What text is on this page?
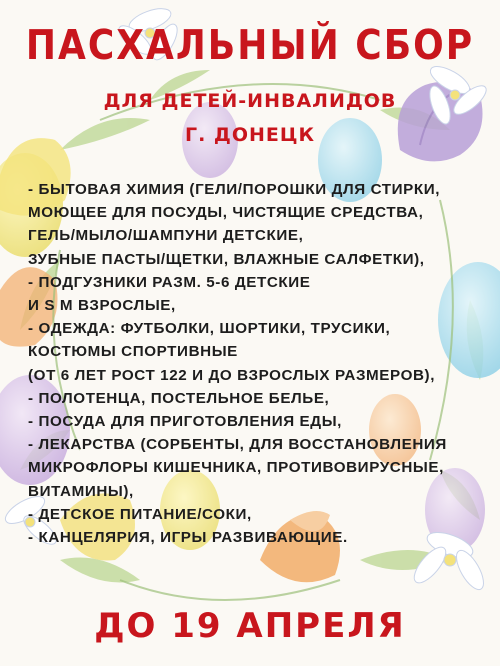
ПАСХАЛЬНЫЙ СБОР
ДЛЯ ДЕТЕЙ-ИНВАЛИДОВ
Г. ДОНЕЦК
- БЫТОВАЯ ХИМИЯ (ГЕЛИ/ПОРОШКИ ДЛЯ СТИРКИ,
МОЮЩЕЕ ДЛЯ ПОСУДЫ, ЧИСТЯЩИЕ СРЕДСТВА,
ГЕЛЬ/МЫЛО/ШАМПУНИ ДЕТСКИЕ,
ЗУБНЫЕ ПАСТЫ/ЩЕТКИ, ВЛАЖНЫЕ САЛФЕТКИ),
- ПОДГУЗНИКИ РАЗМ. 5-6 ДЕТСКИЕ
И S M ВЗРОСЛЫЕ,
- ОДЕЖДА: ФУТБОЛКИ, ШОРТИКИ, ТРУСИКИ,
КОСТЮМЫ СПОРТИВНЫЕ
(ОТ 6 ЛЕТ РОСТ 122 И ДО ВЗРОСЛЫХ РАЗМЕРОВ),
- ПОЛОТЕНЦА, ПОСТЕЛЬНОЕ БЕЛЬЕ,
- ПОСУДА ДЛЯ ПРИГОТОВЛЕНИЯ ЕДЫ,
- ЛЕКАРСТВА (СОРБЕНТЫ, ДЛЯ ВОССТАНОВЛЕНИЯ
МИКРОФЛОРЫ КИШЕЧНИКА, ПРОТИВОВИРУСНЫЕ,
ВИТАМИНЫ),
- ДЕТСКОЕ ПИТАНИЕ/СОКИ,
- КАНЦЕЛЯРИЯ, ИГРЫ РАЗВИВАЮЩИЕ.
ДО 19 АПРЕЛЯ
